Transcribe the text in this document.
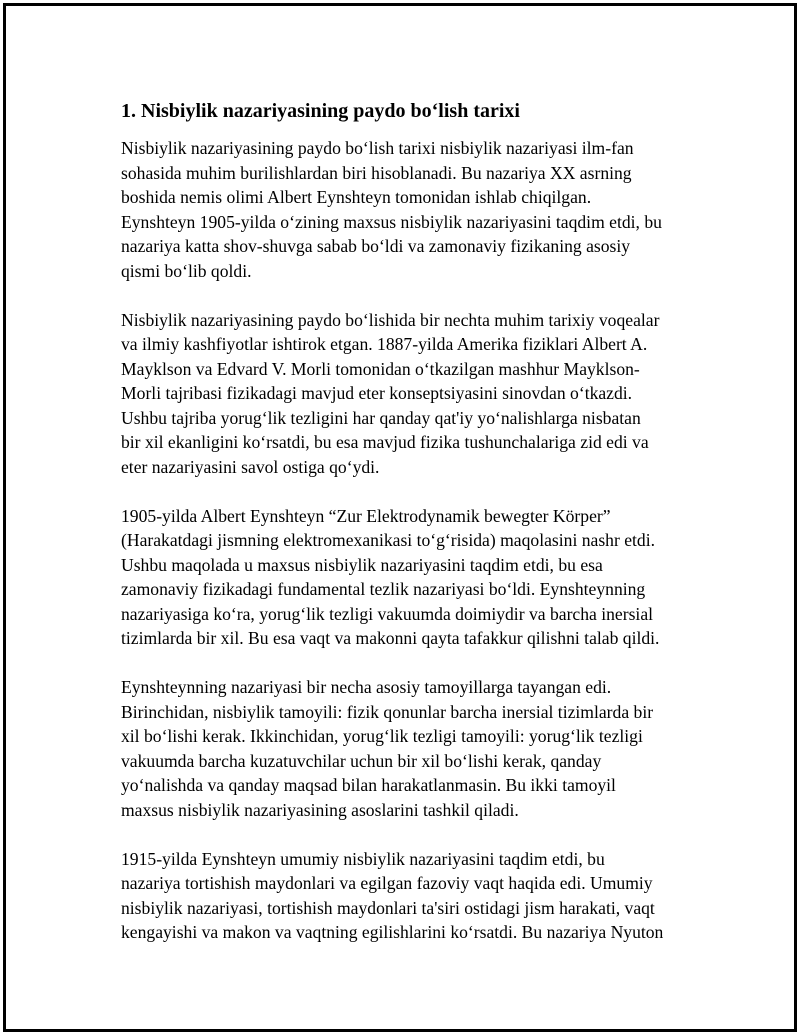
1. Nisbiylik nazariyasining paydo bo‘lish tarixi

Nisbiylik nazariyasining paydo bo‘lish tarixi nisbiylik nazariyasi ilm-fan
sohasida muhim burilishlardan biri hisoblanadi. Bu nazariya XX asrning
boshida nemis olimi Albert Eynshteyn tomonidan ishlab chiqilgan.
Eynshteyn 1905-yilda o‘zining maxsus nisbiylik nazariyasini taqdim etdi, bu
nazariya katta shov-shuvga sabab bo‘ldi va zamonaviy fizikaning asosiy
qismi bo‘lib qoldi.

Nisbiylik nazariyasining paydo bo‘lishida bir nechta muhim tarixiy voqealar
va ilmiy kashfiyotlar ishtirok etgan. 1887-yilda Amerika fiziklari Albert A.
Mayklson va Edvard V. Morli tomonidan o‘tkazilgan mashhur Mayklson-
Morli tajribasi fizikadagi mavjud eter konseptsiyasini sinovdan o‘tkazdi.
Ushbu tajriba yorug‘lik tezligini har qanday qat'iy yo‘nalishlarga nisbatan
bir xil ekanligini ko‘rsatdi, bu esa mavjud fizika tushunchalariga zid edi va
eter nazariyasini savol ostiga qo‘ydi.

1905-yilda Albert Eynshteyn “Zur Elektrodynamik bewegter Körper”
(Harakatdagi jismning elektromexanikasi to‘g‘risida) maqolasini nashr etdi.
Ushbu maqolada u maxsus nisbiylik nazariyasini taqdim etdi, bu esa
zamonaviy fizikadagi fundamental tezlik nazariyasi bo‘ldi. Eynshteynning
nazariyasiga ko‘ra, yorug‘lik tezligi vakuumda doimiydir va barcha inersial
tizimlarda bir xil. Bu esa vaqt va makonni qayta tafakkur qilishni talab qildi.

Eynshteynning nazariyasi bir necha asosiy tamoyillarga tayangan edi.
Birinchidan, nisbiylik tamoyili: fizik qonunlar barcha inersial tizimlarda bir
xil bo‘lishi kerak. Ikkinchidan, yorug‘lik tezligi tamoyili: yorug‘lik tezligi
vakuumda barcha kuzatuvchilar uchun bir xil bo‘lishi kerak, qanday
yo‘nalishda va qanday maqsad bilan harakatlanmasin. Bu ikki tamoyil
maxsus nisbiylik nazariyasining asoslarini tashkil qiladi.

1915-yilda Eynshteyn umumiy nisbiylik nazariyasini taqdim etdi, bu
nazariya tortishish maydonlari va egilgan fazoviy vaqt haqida edi. Umumiy
nisbiylik nazariyasi, tortishish maydonlari ta'siri ostidagi jism harakati, vaqt
kengayishi va makon va vaqtning egilishlarini ko‘rsatdi. Bu nazariya Nyuton
